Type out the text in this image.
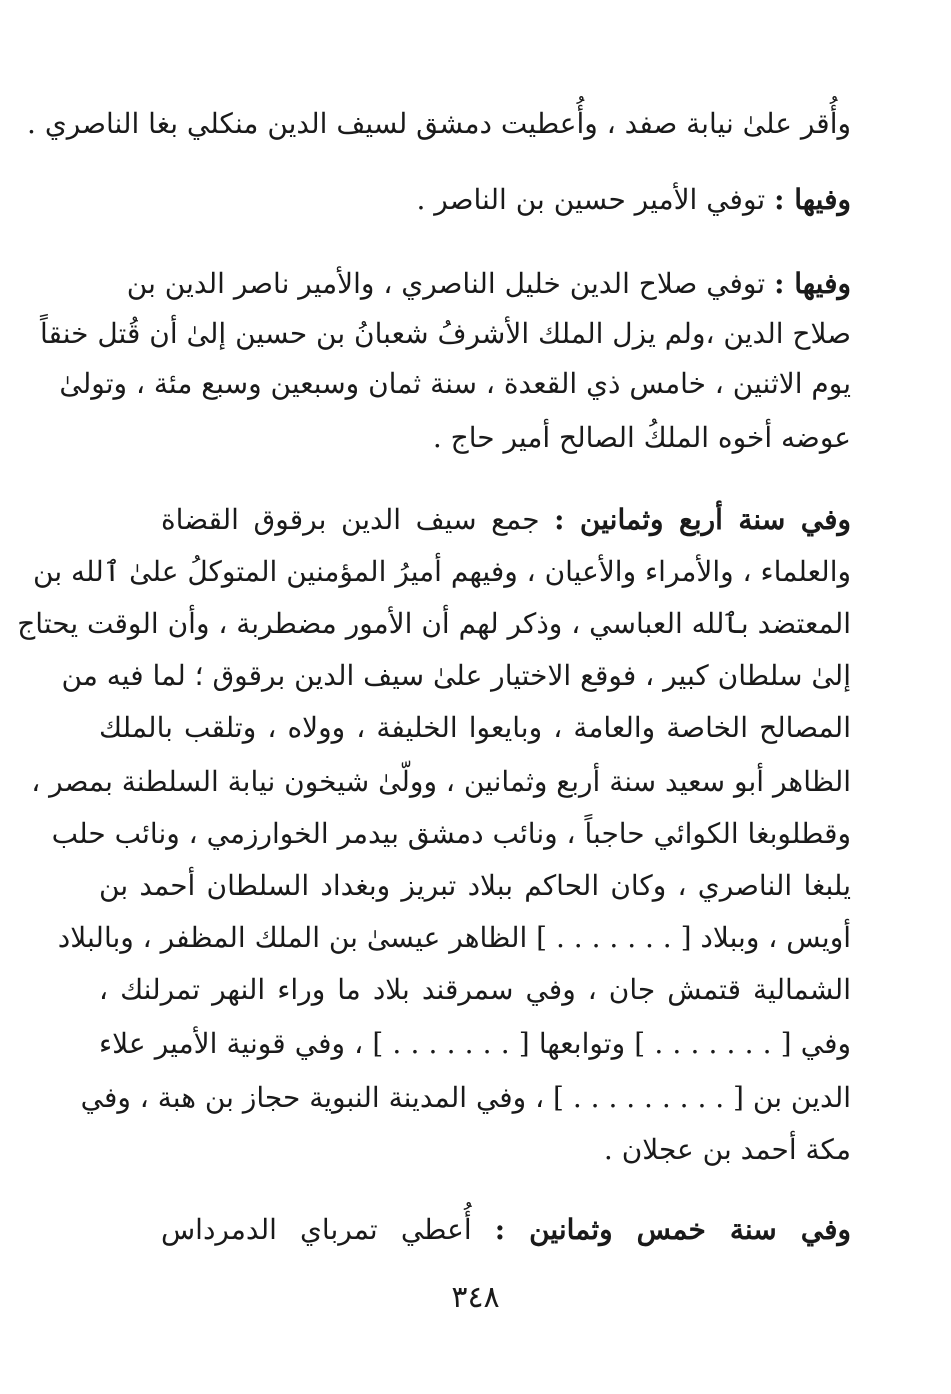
وأُقر علىٰ نيابة صفد ، وأُعطيت دمشق لسيف الدين منكلي بغا الناصري .
وفيها : توفي الأمير حسين بن الناصر .
وفيها : توفي صلاح الدين خليل الناصري ، والأمير ناصر الدين بن
صلاح الدين ،ولم يزل الملك الأشرفُ شعبانُ بن حسين إلىٰ أن قُتل خنقاً
يوم الاثنين ، خامس ذي القعدة ، سنة ثمان وسبعين وسبع مئة ، وتولىٰ
عوضه أخوه الملكُ الصالح أمير حاج .
وفي سنة أربع وثمانين : جمع سيف الدين برقوق القضاة
والعلماء ، والأمراء والأعيان ، وفيهم أميرُ المؤمنين المتوكلُ علىٰ ٱلله بن
المعتضد بٱلله العباسي ، وذكر لهم أن الأمور مضطربة ، وأن الوقت يحتاج
إلىٰ سلطان كبير ، فوقع الاختيار علىٰ سيف الدين برقوق ؛ لما فيه من
المصالح الخاصة والعامة ، وبايعوا الخليفة ، وولاه ، وتلقب بالملك
الظاهر أبو سعيد سنة أربع وثمانين ، وولّىٰ شيخون نيابة السلطنة بمصر ،
وقطلوبغا الكوائي حاجباً ، ونائب دمشق بيدمر الخوارزمي ، ونائب حلب
يلبغا الناصري ، وكان الحاكم ببلاد تبريز وبغداد السلطان أحمد بن
أويس ، وببلاد [ . . . . . . . ] الظاهر عيسىٰ بن الملك المظفر ، وبالبلاد
الشمالية قتمش جان ، وفي سمرقند بلاد ما وراء النهر تمرلنك ،
وفي [ . . . . . . . ] وتوابعها [ . . . . . . . ] ، وفي قونية الأمير علاء
الدين بن [ . . . . . . . . . ] ، وفي المدينة النبوية حجاز بن هبة ، وفي
مكة أحمد بن عجلان .
وفي سنة خمس وثمانين : أُعطي تمرباي الدمرداس
٣٤٨
